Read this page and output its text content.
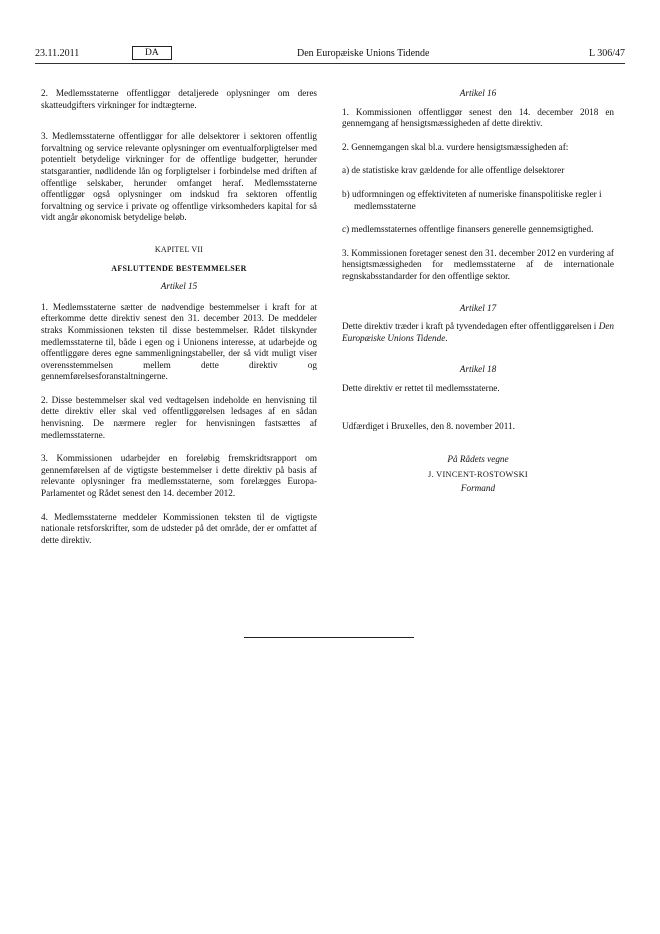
23.11.2011	DA	Den Europæiske Unions Tidende	L 306/47

2. Medlemsstaterne offentliggør detaljerede oplysninger om deres skatteudgifters virkninger for indtægterne.

3. Medlemsstaterne offentliggør for alle delsektorer i sektoren offentlig forvaltning og service relevante oplysninger om eventualforpligtelser med potentielt betydelige virkninger for de offentlige budgetter, herunder statsgarantier, nødlidende lån og forpligtelser i forbindelse med driften af offentlige selskaber, herunder omfanget heraf. Medlemsstaterne offentliggør også oplysninger om indskud fra sektoren offentlig forvaltning og service i private og offentlige virksomheders kapital for så vidt angår økonomisk betydelige beløb.

KAPITEL VII

AFSLUTTENDE BESTEMMELSER

Artikel 15

1. Medlemsstaterne sætter de nødvendige bestemmelser i kraft for at efterkomme dette direktiv senest den 31. december 2013. De meddeler straks Kommissionen teksten til disse bestemmelser. Rådet tilskynder medlemsstaterne til, både i egen og i Unionens interesse, at udarbejde og offentliggøre deres egne sammenligningstabeller, der så vidt muligt viser overensstemmelsen mellem dette direktiv og gennemførelsesforanstaltningerne.

2. Disse bestemmelser skal ved vedtagelsen indeholde en henvisning til dette direktiv eller skal ved offentliggørelsen ledsages af en sådan henvisning. De nærmere regler for henvisningen fastsættes af medlemsstaterne.

3. Kommissionen udarbejder en foreløbig fremskridtsrapport om gennemførelsen af de vigtigste bestemmelser i dette direktiv på basis af relevante oplysninger fra medlemsstaterne, som forelægges Europa-Parlamentet og Rådet senest den 14. december 2012.

4. Medlemsstaterne meddeler Kommissionen teksten til de vigtigste nationale retsforskrifter, som de udsteder på det område, der er omfattet af dette direktiv.

Artikel 16

1. Kommissionen offentliggør senest den 14. december 2018 en gennemgang af hensigtsmæssigheden af dette direktiv.

2. Gennemgangen skal bl.a. vurdere hensigtsmæssigheden af:

a) de statistiske krav gældende for alle offentlige delsektorer

b) udformningen og effektiviteten af numeriske finanspolitiske regler i medlemsstaterne

c) medlemsstaternes offentlige finansers generelle gennemsigtighed.

3. Kommissionen foretager senest den 31. december 2012 en vurdering af hensigtsmæssigheden for medlemsstaterne af de internationale regnskabsstandarder for den offentlige sektor.

Artikel 17

Dette direktiv træder i kraft på tyvendedagen efter offentliggørelsen i Den Europæiske Unions Tidende.

Artikel 18

Dette direktiv er rettet til medlemsstaterne.

Udfærdiget i Bruxelles, den 8. november 2011.

På Rådets vegne

J. VINCENT-ROSTOWSKI

Formand
